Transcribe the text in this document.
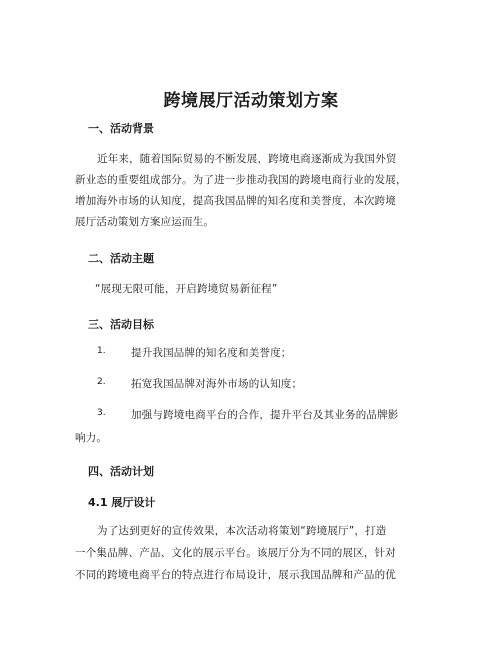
跨境展厅活动策划方案
一、活动背景
近年来，随着国际贸易的不断发展，跨境电商逐渐成为我国外贸
新业态的重要组成部分。为了进一步推动我国的跨境电商行业的发展，
增加海外市场的认知度，提高我国品牌的知名度和美誉度，本次跨境
展厅活动策划方案应运而生。
二、活动主题
“展现无限可能，开启跨境贸易新征程”
三、活动目标
1. 提升我国品牌的知名度和美誉度；
2. 拓宽我国品牌对海外市场的认知度；
3. 加强与跨境电商平台的合作，提升平台及其业务的品牌影
响力。
四、活动计划
4.1 展厅设计
为了达到更好的宣传效果，本次活动将策划“跨境展厅”，打造
一个集品牌、产品、文化的展示平台。该展厅分为不同的展区，针对
不同的跨境电商平台的特点进行布局设计，展示我国品牌和产品的优
